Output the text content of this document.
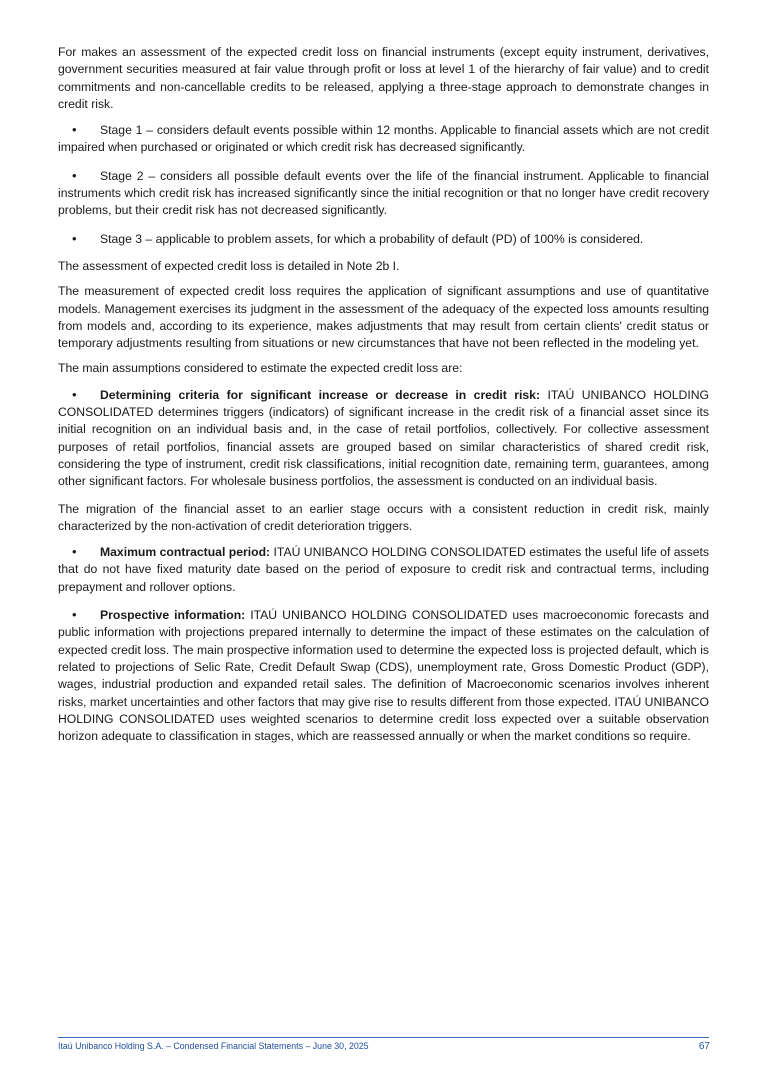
For makes an assessment of the expected credit loss on financial instruments (except equity instrument, derivatives, government securities measured at fair value through profit or loss at level 1 of the hierarchy of fair value) and to credit commitments and non-cancellable credits to be released, applying a three-stage approach to demonstrate changes in credit risk.

• Stage 1 – considers default events possible within 12 months. Applicable to financial assets which are not credit impaired when purchased or originated or which credit risk has decreased significantly.

• Stage 2 – considers all possible default events over the life of the financial instrument. Applicable to financial instruments which credit risk has increased significantly since the initial recognition or that no longer have credit recovery problems, but their credit risk has not decreased significantly.

• Stage 3 – applicable to problem assets, for which a probability of default (PD) of 100% is considered.

The assessment of expected credit loss is detailed in Note 2b I.

The measurement of expected credit loss requires the application of significant assumptions and use of quantitative models. Management exercises its judgment in the assessment of the adequacy of the expected loss amounts resulting from models and, according to its experience, makes adjustments that may result from certain clients' credit status or temporary adjustments resulting from situations or new circumstances that have not been reflected in the modeling yet.

The main assumptions considered to estimate the expected credit loss are:

• Determining criteria for significant increase or decrease in credit risk: ITAÚ UNIBANCO HOLDING CONSOLIDATED determines triggers (indicators) of significant increase in the credit risk of a financial asset since its initial recognition on an individual basis and, in the case of retail portfolios, collectively. For collective assessment purposes of retail portfolios, financial assets are grouped based on similar characteristics of shared credit risk, considering the type of instrument, credit risk classifications, initial recognition date, remaining term, guarantees, among other significant factors. For wholesale business portfolios, the assessment is conducted on an individual basis.

The migration of the financial asset to an earlier stage occurs with a consistent reduction in credit risk, mainly characterized by the non-activation of credit deterioration triggers.

• Maximum contractual period: ITAÚ UNIBANCO HOLDING CONSOLIDATED estimates the useful life of assets that do not have fixed maturity date based on the period of exposure to credit risk and contractual terms, including prepayment and rollover options.

• Prospective information: ITAÚ UNIBANCO HOLDING CONSOLIDATED uses macroeconomic forecasts and public information with projections prepared internally to determine the impact of these estimates on the calculation of expected credit loss. The main prospective information used to determine the expected loss is projected default, which is related to projections of Selic Rate, Credit Default Swap (CDS), unemployment rate, Gross Domestic Product (GDP), wages, industrial production and expanded retail sales. The definition of Macroeconomic scenarios involves inherent risks, market uncertainties and other factors that may give rise to results different from those expected. ITAÚ UNIBANCO HOLDING CONSOLIDATED uses weighted scenarios to determine credit loss expected over a suitable observation horizon adequate to classification in stages, which are reassessed annually or when the market conditions so require.

Itaú Unibanco Holding S.A. – Condensed Financial Statements – June 30, 2025	67
